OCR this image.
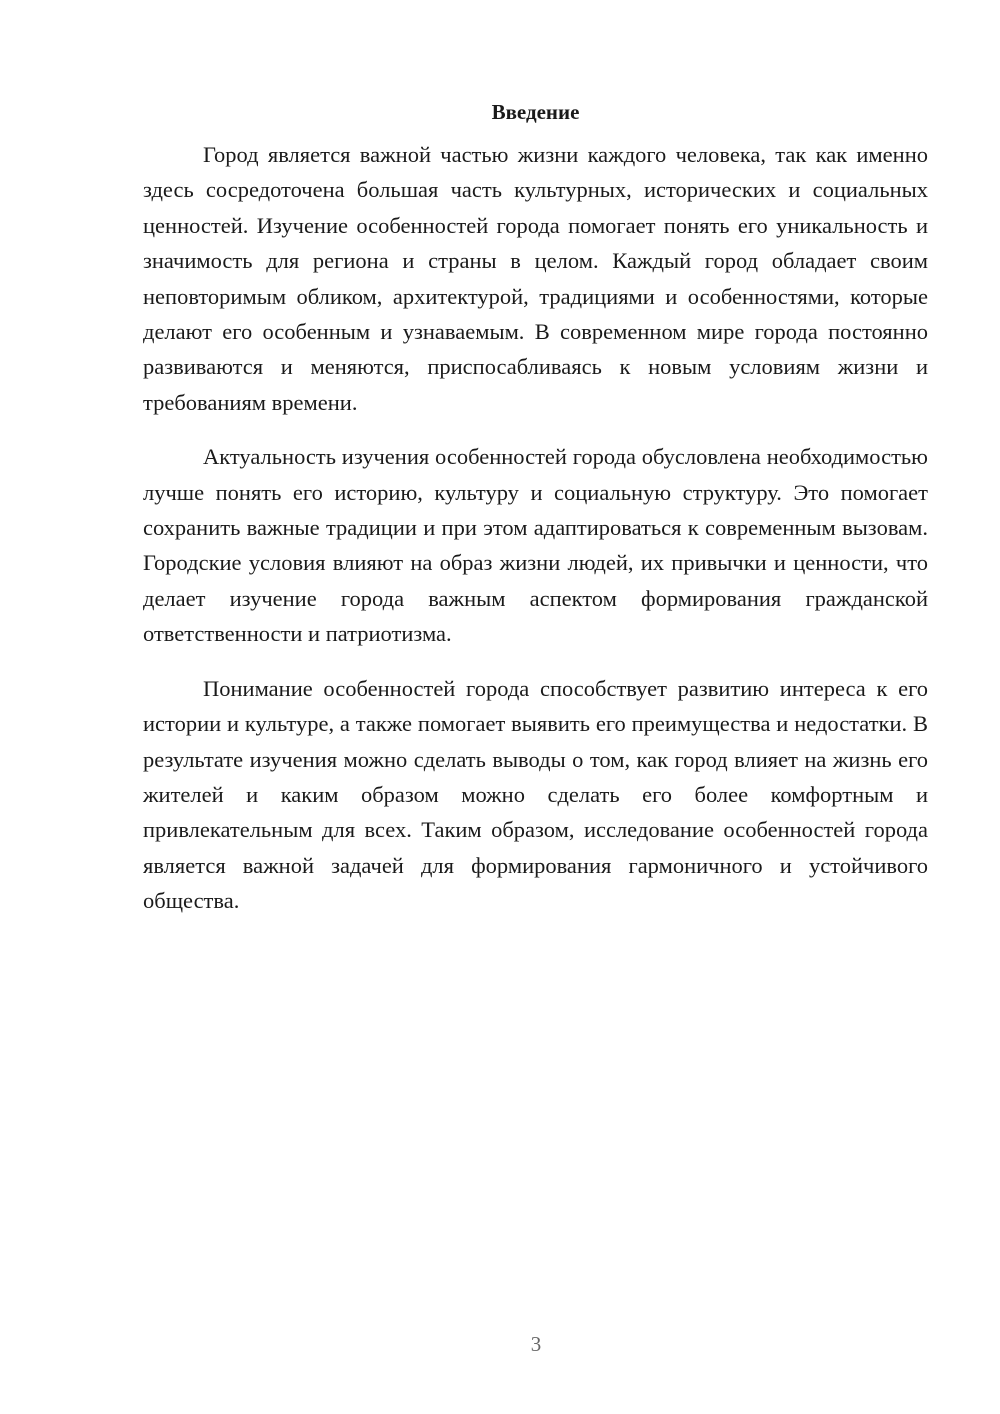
Введение

Город является важной частью жизни каждого человека, так как именно здесь сосредоточена большая часть культурных, исторических и социальных ценностей. Изучение особенностей города помогает понять его уникальность и значимость для региона и страны в целом. Каждый город обладает своим неповторимым обликом, архитектурой, традициями и особенностями, которые делают его особенным и узнаваемым. В современном мире города постоянно развиваются и меняются, приспосабливаясь к новым условиям жизни и требованиям времени.

Актуальность изучения особенностей города обусловлена необходимостью лучше понять его историю, культуру и социальную структуру. Это помогает сохранить важные традиции и при этом адаптироваться к современным вызовам. Городские условия влияют на образ жизни людей, их привычки и ценности, что делает изучение города важным аспектом формирования гражданской ответственности и патриотизма.

Понимание особенностей города способствует развитию интереса к его истории и культуре, а также помогает выявить его преимущества и недостатки. В результате изучения можно сделать выводы о том, как город влияет на жизнь его жителей и каким образом можно сделать его более комфортным и привлекательным для всех. Таким образом, исследование особенностей города является важной задачей для формирования гармоничного и устойчивого общества.

3
